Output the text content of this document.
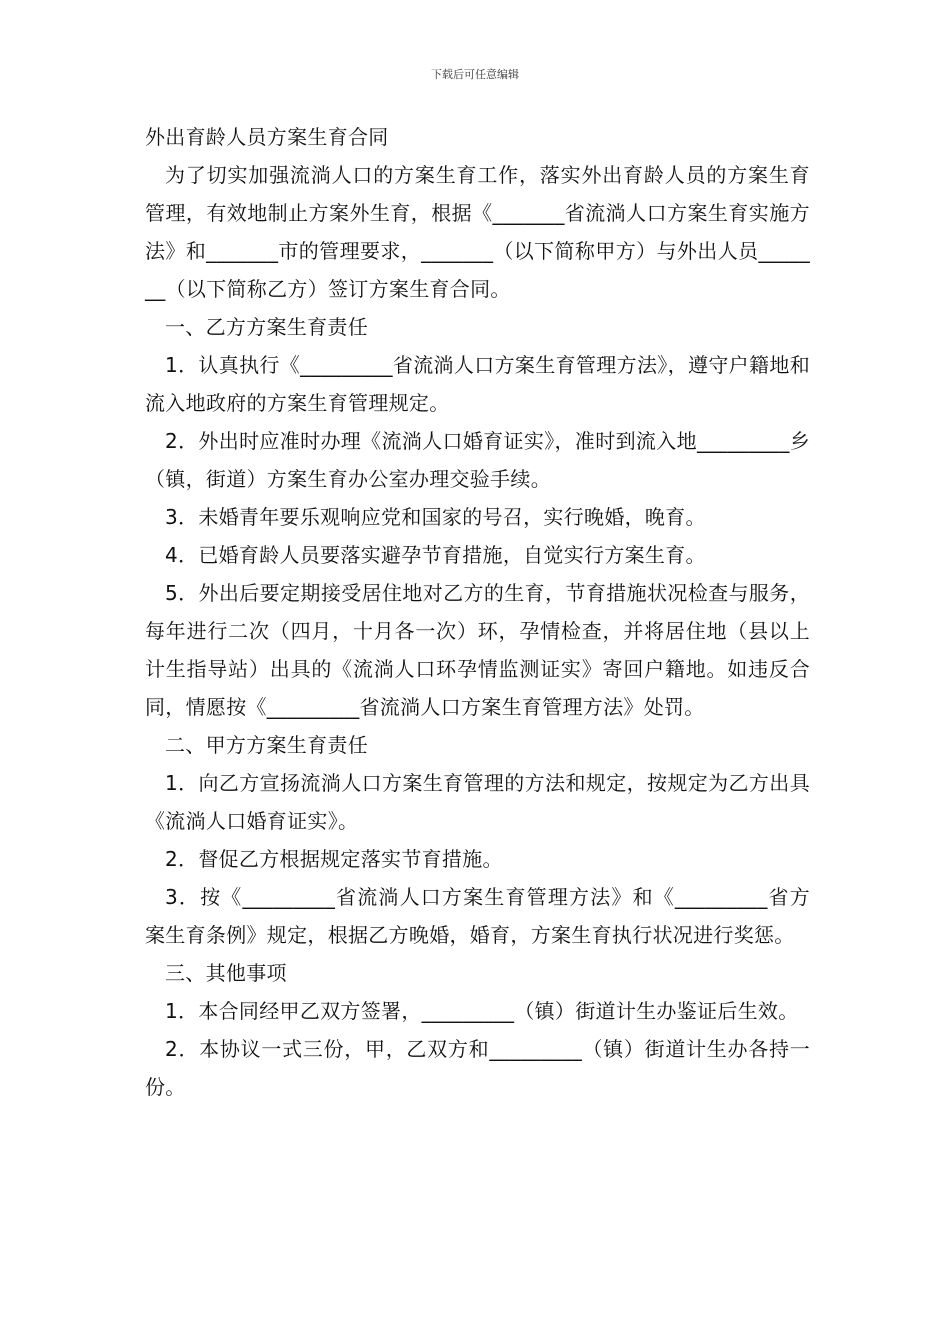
下载后可任意编辑

外出育龄人员方案生育合同

为了切实加强流淌人口的方案生育工作，落实外出育龄人员的方案生育管理，有效地制止方案外生育，根据《_______省流淌人口方案生育实施方法》和_______市的管理要求，_______（以下简称甲方）与外出人员_______（以下简称乙方）签订方案生育合同。

一、乙方方案生育责任

1．认真执行《_________省流淌人口方案生育管理方法》，遵守户籍地和流入地政府的方案生育管理规定。

2．外出时应准时办理《流淌人口婚育证实》，准时到流入地_________乡（镇，街道）方案生育办公室办理交验手续。

3．未婚青年要乐观响应党和国家的号召，实行晚婚，晚育。

4．已婚育龄人员要落实避孕节育措施，自觉实行方案生育。

5．外出后要定期接受居住地对乙方的生育，节育措施状况检查与服务，每年进行二次（四月，十月各一次）环，孕情检查，并将居住地（县以上计生指导站）出具的《流淌人口环孕情监测证实》寄回户籍地。如违反合同，情愿按《_________省流淌人口方案生育管理方法》处罚。

二、甲方方案生育责任

1．向乙方宣扬流淌人口方案生育管理的方法和规定，按规定为乙方出具《流淌人口婚育证实》。

2．督促乙方根据规定落实节育措施。

3．按《_________省流淌人口方案生育管理方法》和《_________省方案生育条例》规定，根据乙方晚婚，婚育，方案生育执行状况进行奖惩。

三、其他事项

1．本合同经甲乙双方签署，_________（镇）街道计生办鉴证后生效。

2．本协议一式三份，甲，乙双方和_________（镇）街道计生办各持一份。
